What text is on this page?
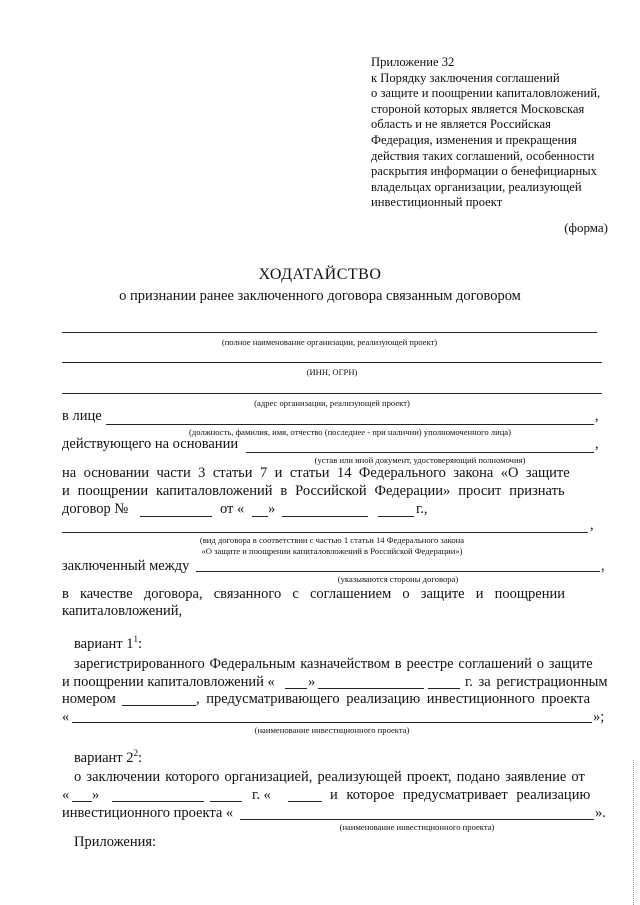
Приложение 32
к Порядку заключения соглашений
о защите и поощрении капиталовложений,
стороной которых является Московская
область и не является Российская
Федерация, изменения и прекращения
действия таких соглашений, особенности
раскрытия информации о бенефициарных
владельцах организации, реализующей
инвестиционный проект
(форма)
ХОДАТАЙСТВО
о признании ранее заключенного договора связанным договором
(полное наименование организации, реализующей проект)
(ИНН, ОГРН)
(адрес организации, реализующей проект)
в лице	,
(должность, фамилия, имя, отчество (последнее - при наличии) уполномоченного лица)
действующего на основании	,
(устав или иной документ, удостоверяющий полномочия)
на основании части 3 статьи 7 и статьи 14 Федерального закона «О защите
и поощрении капиталовложений в Российской Федерации» просит признать
договор №	от « »	г.,
,
(вид договора в соответствии с частью 1 статьи 14 Федерального закона
«О защите и поощрении капиталовложений в Российской Федерации»)
заключенный между	,
(указываются стороны договора)
в качестве договора, связанного с соглашением о защите и поощрении
капиталовложений,
вариант $1^1$:
зарегистрированного Федеральным казначейством в реестре соглашений о защите
и поощрении капиталовложений « »	г. за регистрационным
номером	, предусматривающего реализацию инвестиционного проекта
«	»;
(наименование инвестиционного проекта)
вариант $2^2$:
о заключении которого организацией, реализующей проект, подано заявление от
« »	г. «	и которое предусматривает реализацию
инвестиционного проекта «	».
(наименование инвестиционного проекта)
Приложения:
